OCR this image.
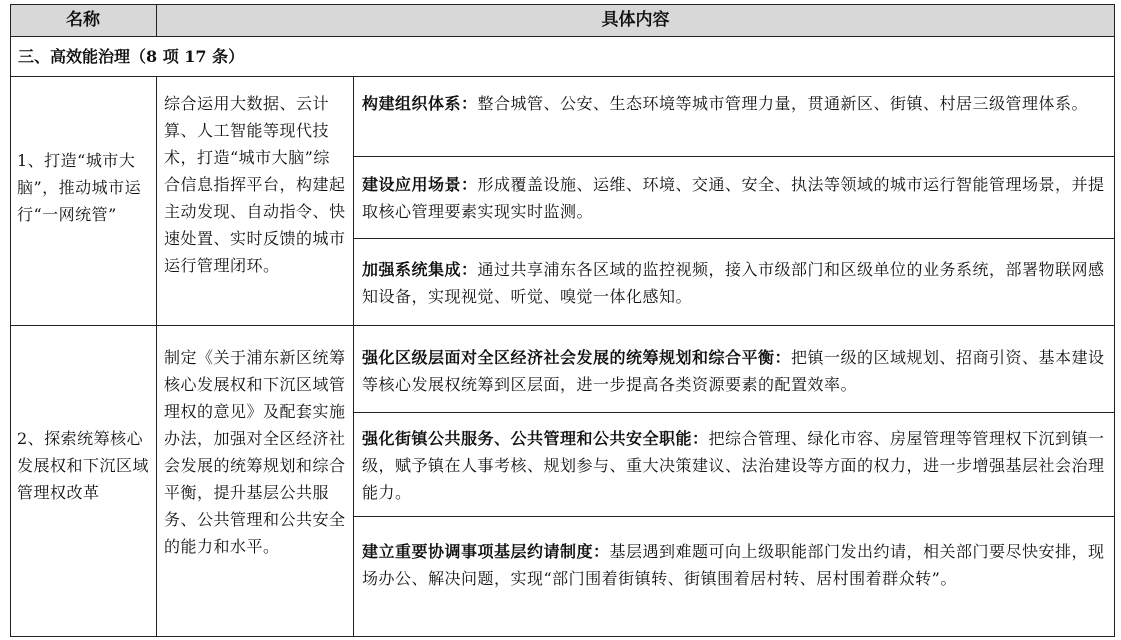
名称	具体内容
三、高效能治理（8 项 17 条）
1、打造“城市大脑”，推动城市运行“一网统管”
综合运用大数据、云计算、人工智能等现代技术，打造“城市大脑”综合信息指挥平台，构建起主动发现、自动指令、快速处置、实时反馈的城市运行管理闭环。
构建组织体系：整合城管、公安、生态环境等城市管理力量，贯通新区、街镇、村居三级管理体系。
建设应用场景：形成覆盖设施、运维、环境、交通、安全、执法等领域的城市运行智能管理场景，并提取核心管理要素实现实时监测。
加强系统集成：通过共享浦东各区域的监控视频，接入市级部门和区级单位的业务系统，部署物联网感知设备，实现视觉、听觉、嗅觉一体化感知。
2、探索统筹核心发展权和下沉区域管理权改革
制定《关于浦东新区统筹核心发展权和下沉区域管理权的意见》及配套实施办法，加强对全区经济社会发展的统筹规划和综合平衡，提升基层公共服务、公共管理和公共安全的能力和水平。
强化区级层面对全区经济社会发展的统筹规划和综合平衡：把镇一级的区域规划、招商引资、基本建设等核心发展权统筹到区层面，进一步提高各类资源要素的配置效率。
强化街镇公共服务、公共管理和公共安全职能：把综合管理、绿化市容、房屋管理等管理权下沉到镇一级，赋予镇在人事考核、规划参与、重大决策建议、法治建设等方面的权力，进一步增强基层社会治理能力。
建立重要协调事项基层约请制度：基层遇到难题可向上级职能部门发出约请，相关部门要尽快安排，现场办公、解决问题，实现“部门围着街镇转、街镇围着居村转、居村围着群众转”。
